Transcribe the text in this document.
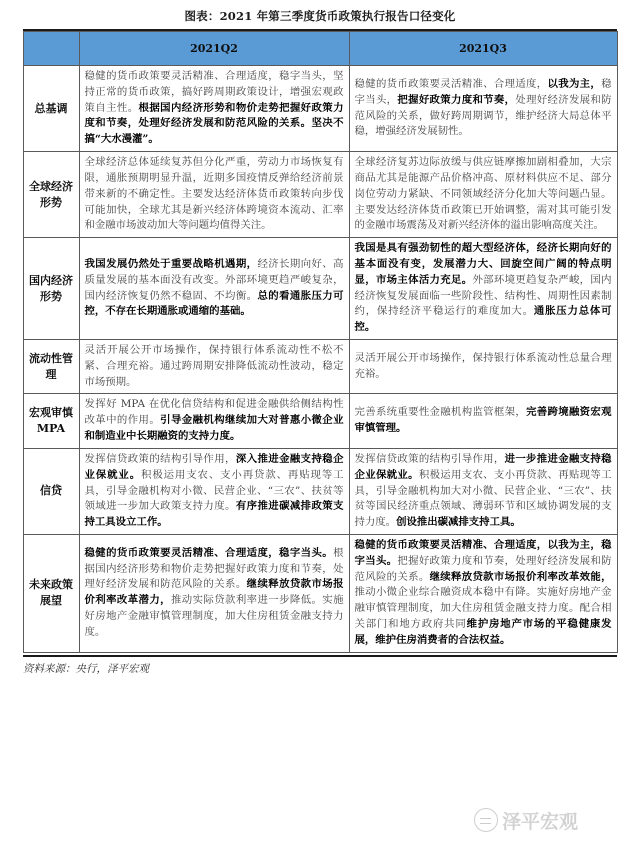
图表：2021 年第三季度货币政策执行报告口径变化
	2021Q2	2021Q3
总基调	稳健的货币政策要灵活精准、合理适度，稳字当头，坚持正常的货币政策，搞好跨周期政策设计，增强宏观政策自主性。根据国内经济形势和物价走势把握好政策力度和节奏，处理好经济发展和防范风险的关系。坚决不搞“大水漫灌”。	稳健的货币政策要灵活精准、合理适度，以我为主，稳字当头，把握好政策力度和节奏，处理好经济发展和防范风险的关系，做好跨周期调节，维护经济大局总体平稳，增强经济发展韧性。
全球经济形势	全球经济总体延续复苏但分化严重，劳动力市场恢复有限，通胀预期明显升温，近期多国疫情反弹给经济前景带来新的不确定性。主要发达经济体货币政策转向步伐可能加快，全球尤其是新兴经济体跨境资本流动、汇率和金融市场波动加大等问题均值得关注。	全球经济复苏边际放缓与供应链摩擦加剧相叠加，大宗商品尤其是能源产品价格冲高、原材料供应不足、部分岗位劳动力紧缺、不同领域经济分化加大等问题凸显。主要发达经济体货币政策已开始调整，需对其可能引发的金融市场震荡及对新兴经济体的溢出影响高度关注。
国内经济形势	我国发展仍然处于重要战略机遇期，经济长期向好、高质量发展的基本面没有改变。外部环境更趋严峻复杂，国内经济恢复仍然不稳固、不均衡。总的看通胀压力可控，不存在长期通胀或通缩的基础。	我国是具有强劲韧性的超大型经济体，经济长期向好的基本面没有变，发展潜力大、回旋空间广阔的特点明显，市场主体活力充足。外部环境更趋复杂严峻，国内经济恢复发展面临一些阶段性、结构性、周期性因素制约，保持经济平稳运行的难度加大。通胀压力总体可控。
流动性管理	灵活开展公开市场操作，保持银行体系流动性不松不紧、合理充裕。通过跨周期安排降低流动性波动，稳定市场预期。	灵活开展公开市场操作，保持银行体系流动性总量合理充裕。
宏观审慎 MPA	发挥好 MPA 在优化信贷结构和促进金融供给侧结构性改革中的作用。引导金融机构继续加大对普惠小微企业和制造业中长期融资的支持力度。	完善系统重要性金融机构监管框架，完善跨境融资宏观审慎管理。
信贷	发挥信贷政策的结构引导作用，深入推进金融支持稳企业保就业。积极运用支农、支小再贷款、再贴现等工具，引导金融机构对小微、民营企业、“三农”、扶贫等领域进一步加大政策支持力度。有序推进碳减排政策支持工具设立工作。	发挥信贷政策的结构引导作用，进一步推进金融支持稳企业保就业。积极运用支农、支小再贷款、再贴现等工具，引导金融机构加大对小微、民营企业、“三农”、扶贫等国民经济重点领域、薄弱环节和区域协调发展的支持力度。创设推出碳减排支持工具。
未来政策展望	稳健的货币政策要灵活精准、合理适度，稳字当头。根据国内经济形势和物价走势把握好政策力度和节奏，处理好经济发展和防范风险的关系。继续释放贷款市场报价利率改革潜力，推动实际贷款利率进一步降低。实施好房地产金融审慎管理制度，加大住房租赁金融支持力度。	稳健的货币政策要灵活精准、合理适度，以我为主，稳字当头。把握好政策力度和节奏，处理好经济发展和防范风险的关系。继续释放贷款市场报价利率改革效能，推动小微企业综合融资成本稳中有降。实施好房地产金融审慎管理制度，加大住房租赁金融支持力度。配合相关部门和地方政府共同维护房地产市场的平稳健康发展，维护住房消费者的合法权益。
资料来源：央行，泽平宏观
泽平宏观
